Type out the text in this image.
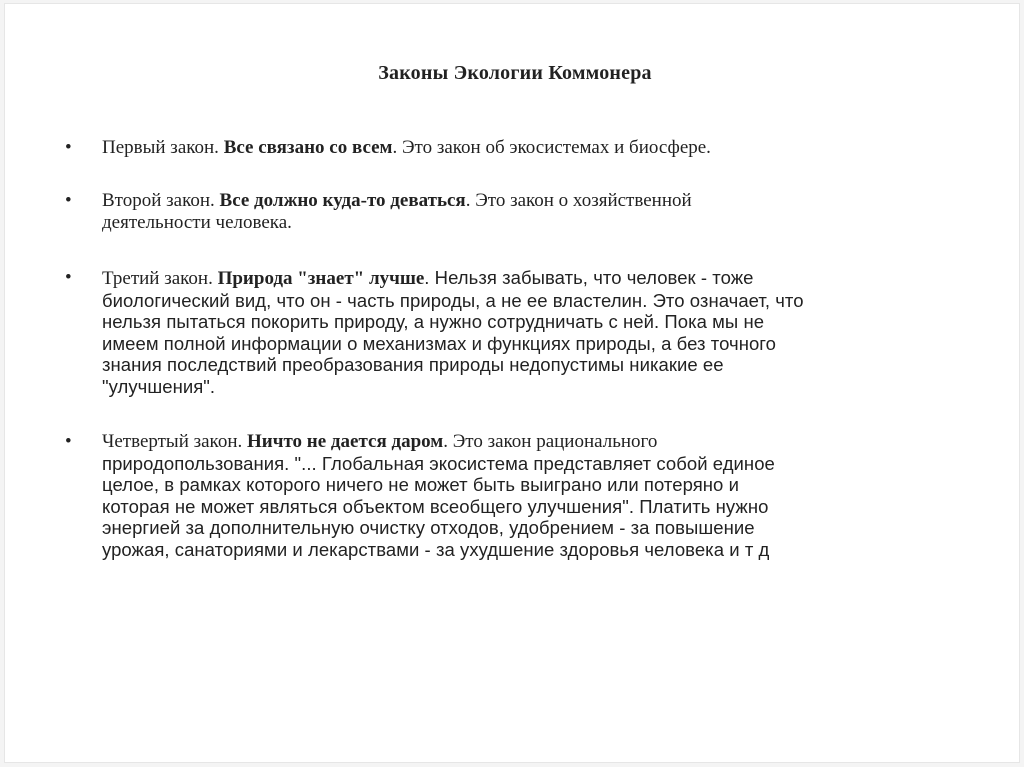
Законы Экологии Коммонера
•	Первый закон. Все связано со всем. Это закон об экосистемах и биосфере.
•	Второй закон. Все должно куда-то деваться. Это закон о хозяйственной
деятельности человека.
•	Третий закон. Природа "знает" лучше. Нельзя забывать, что человек - тоже
биологический вид, что он - часть природы, а не ее властелин. Это означает, что
нельзя пытаться покорить природу, а нужно сотрудничать с ней. Пока мы не
имеем полной информации о механизмах и функциях природы, а без точного
знания последствий преобразования природы недопустимы никакие ее
"улучшения".
•	Четвертый закон. Ничто не дается даром. Это закон рационального
природопользования. "... Глобальная экосистема представляет собой единое
целое, в рамках которого ничего не может быть выиграно или потеряно и
которая не может являться объектом всеобщего улучшения". Платить нужно
энергией за дополнительную очистку отходов, удобрением - за повышение
урожая, санаториями и лекарствами - за ухудшение здоровья человека и т д
